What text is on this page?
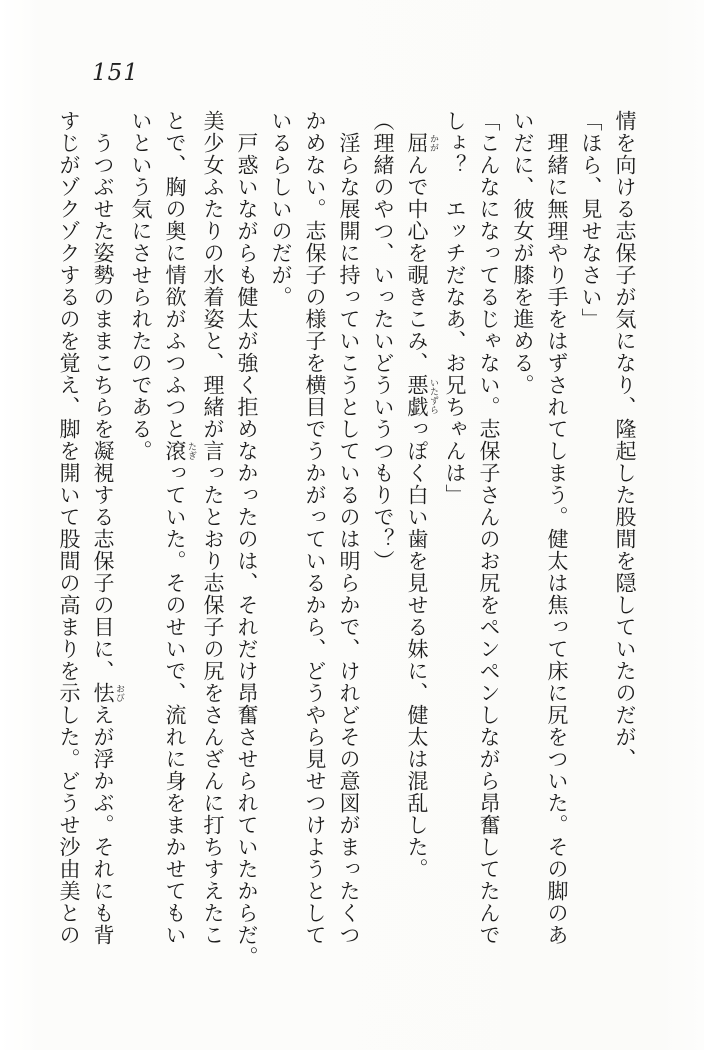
151

情を向ける志保子が気になり、隆起した股間を隠していたのだが、

「ほら、見せなさい」

　理緒に無理やり手をはずされてしまう。健太は焦って床に尻をついた。その脚のあ

いだに、彼女が膝を進める。

「こんなになってるじゃない。志保子さんのお尻をペンペンしながら昂奮してたんで

しょ？　エッチだなあ、お兄ちゃんは」

　屈 かがんで中心を覗きこみ、悪戯 いたずらっぽく白い歯を見せる妹に、健太は混乱した。

（理緒のやつ、いったいどういうつもりで？）

　淫らな展開に持っていこうとしているのは明らかで、けれどその意図がまったくつ

かめない。志保子の様子を横目でうかがっているから、どうやら見せつけようとして

いるらしいのだが。

　戸惑いながらも健太が強く拒めなかったのは、それだけ昂奮させられていたからだ。

美少女ふたりの水着姿と、理緒が言ったとおり志保子の尻をさんざんに打ちすえたこ

とで、胸の奥に情欲がふつふつと滾 たぎっていた。そのせいで、流れに身をまかせてもい

いという気にさせられたのである。

　うつぶせた姿勢のままこちらを凝視する志保子の目に、怯 おびえが浮かぶ。それにも背

すじがゾクゾクするのを覚え、脚を開いて股間の高まりを示した。どうせ沙由美との
